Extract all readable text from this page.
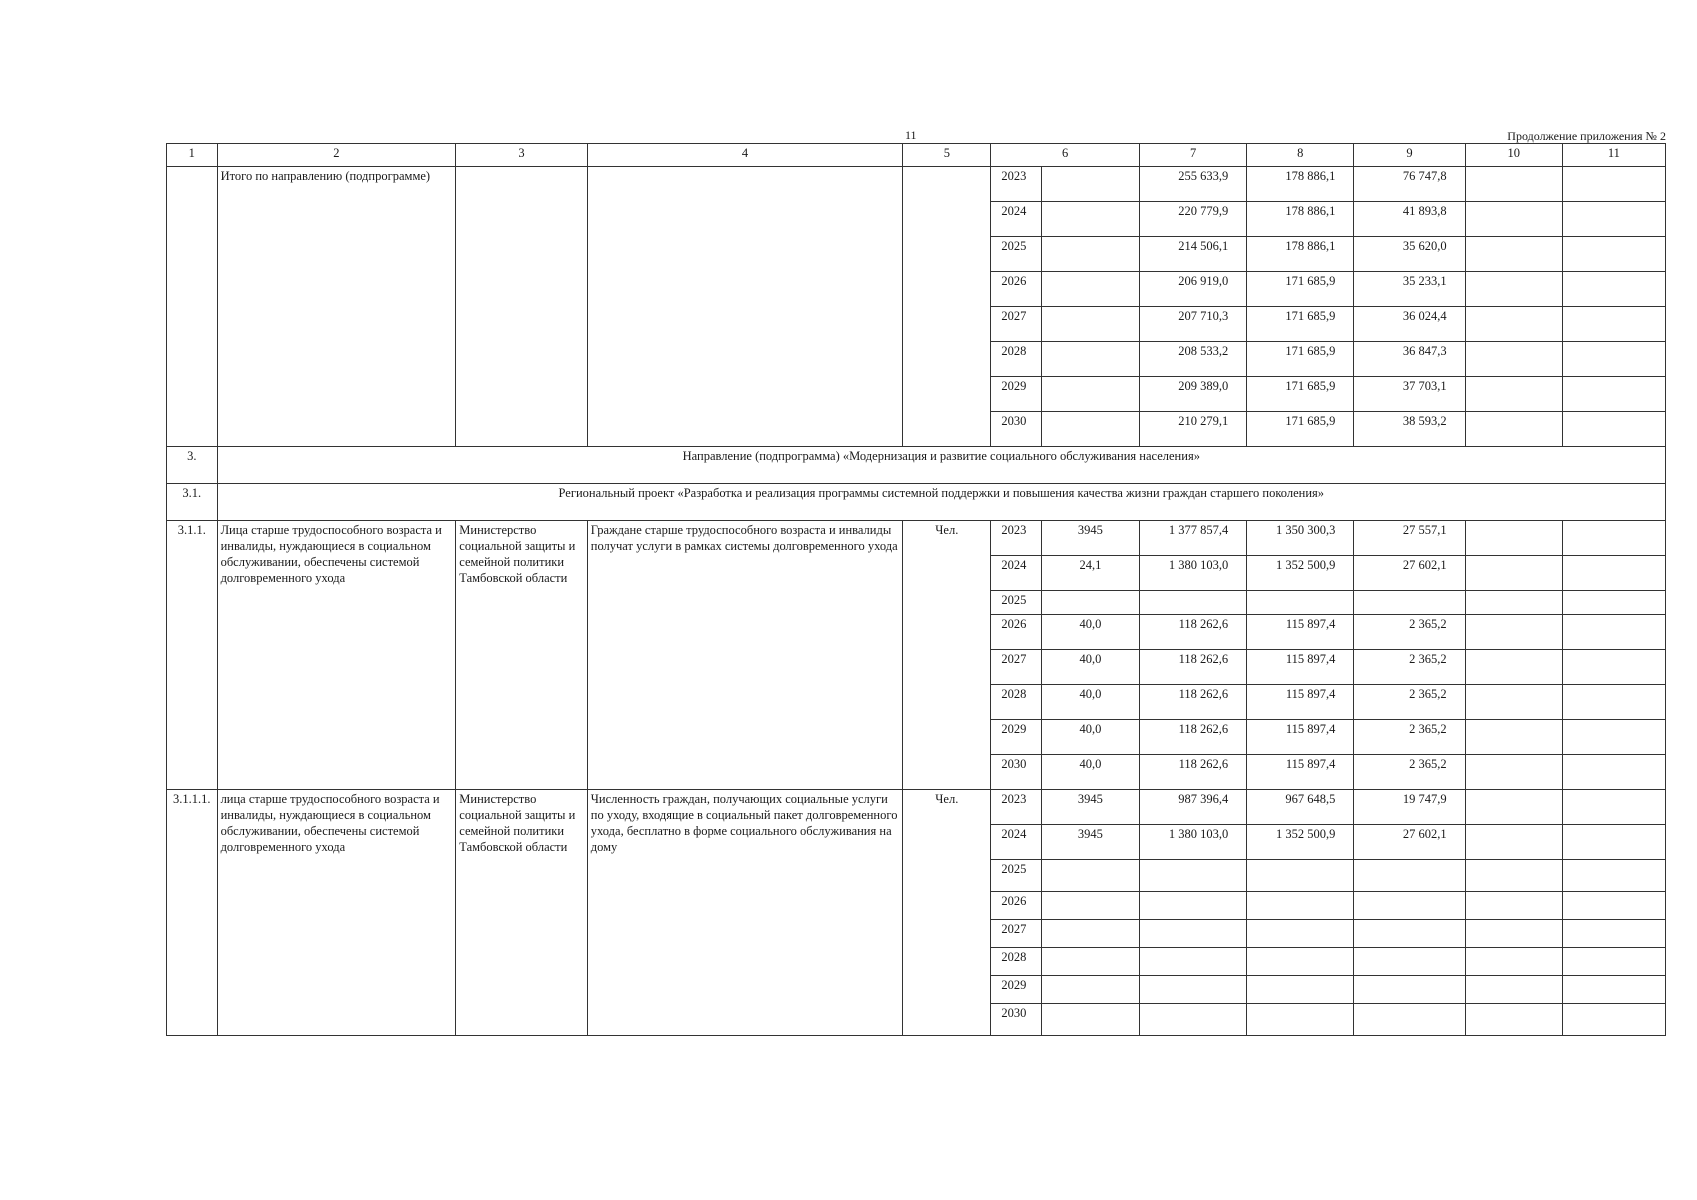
11	Продолжение приложения № 2
1	2	3	4	5	6		7	8	9	10	11
	Итого по направлению (подпрограмме)				2023		255 633,9	178 886,1	76 747,8		
					2024		220 779,9	178 886,1	41 893,8		
					2025		214 506,1	178 886,1	35 620,0		
					2026		206 919,0	171 685,9	35 233,1		
					2027		207 710,3	171 685,9	36 024,4		
					2028		208 533,2	171 685,9	36 847,3		
					2029		209 389,0	171 685,9	37 703,1		
					2030		210 279,1	171 685,9	38 593,2		
3.	Направление (подпрограмма) «Модернизация и развитие социального обслуживания населения»										
3.1.	Региональный проект «Разработка и реализация программы системной поддержки и повышения качества жизни граждан старшего поколения»										
3.1.1.	Лица старше трудоспособного возраста и инвалиды, нуждающиеся в социальном обслуживании, обеспечены системой долговременного ухода	Министерство социальной защиты и семейной политики Тамбовской области	Граждане старше трудоспособного возраста и инвалиды получат услуги в рамках системы долговременного ухода	Чел.	2023	3945	1 377 857,4	1 350 300,3	27 557,1		
					2024	24,1	1 380 103,0	1 352 500,9	27 602,1		
					2025						
					2026	40,0	118 262,6	115 897,4	2 365,2		
					2027	40,0	118 262,6	115 897,4	2 365,2		
					2028	40,0	118 262,6	115 897,4	2 365,2		
					2029	40,0	118 262,6	115 897,4	2 365,2		
					2030	40,0	118 262,6	115 897,4	2 365,2		
3.1.1.1.	лица старше трудоспособного возраста и инвалиды, нуждающиеся в социальном обслуживании, обеспечены системой долговременного ухода	Министерство социальной защиты и семейной политики Тамбовской области	Численность граждан, получающих социальные услуги по уходу, входящие в социальный пакет долговременного ухода, бесплатно в форме социального обслуживания на дому	Чел.	2023	3945	987 396,4	967 648,5	19 747,9		
					2024	3945	1 380 103,0	1 352 500,9	27 602,1		
					2025						
					2026						
					2027						
					2028						
					2029						
					2030						
